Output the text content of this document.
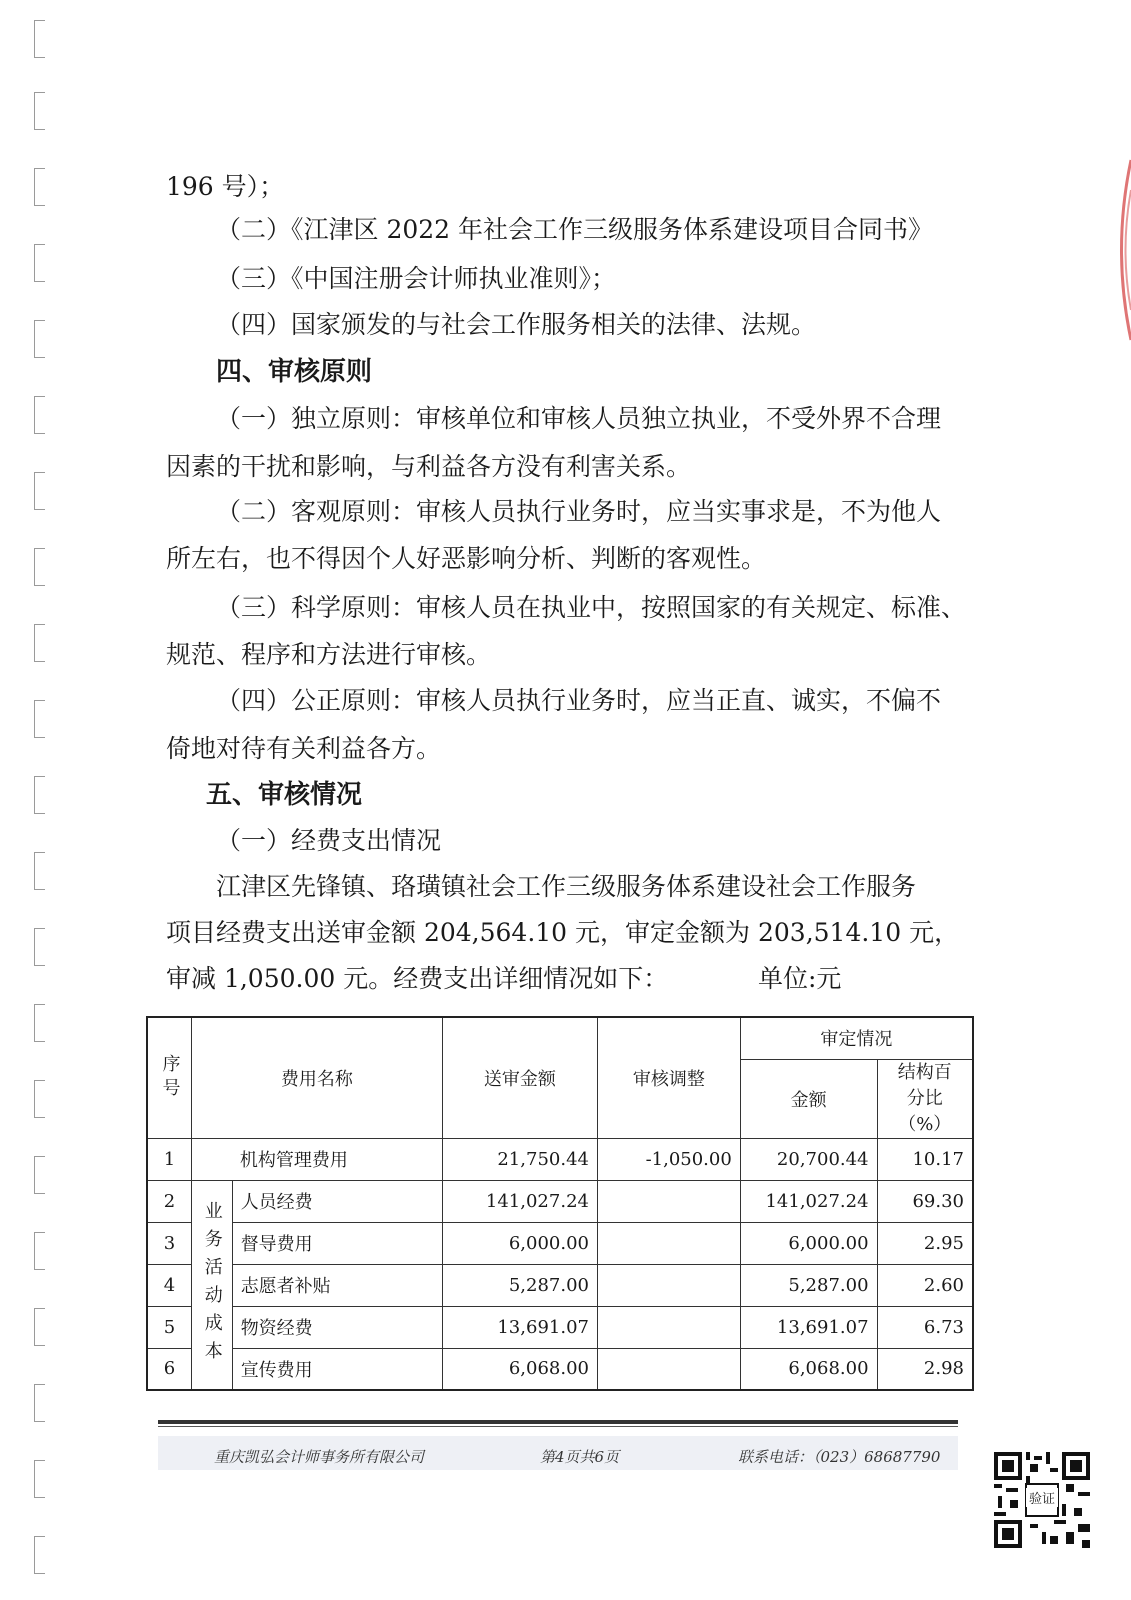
196 号）；
（二）《江津区 2022 年社会工作三级服务体系建设项目合同书》
（三）《中国注册会计师执业准则》；
（四）国家颁发的与社会工作服务相关的法律、法规。
四、审核原则
（一）独立原则：审核单位和审核人员独立执业，不受外界不合理
因素的干扰和影响，与利益各方没有利害关系。
（二）客观原则：审核人员执行业务时，应当实事求是，不为他人
所左右，也不得因个人好恶影响分析、判断的客观性。
（三）科学原则：审核人员在执业中，按照国家的有关规定、标准、
规范、程序和方法进行审核。
（四）公正原则：审核人员执行业务时，应当正直、诚实，不偏不
倚地对待有关利益各方。
五、审核情况
（一）经费支出情况
江津区先锋镇、珞璜镇社会工作三级服务体系建设社会工作服务
项目经费支出送审金额 204,564.10 元，审定金额为 203,514.10 元，
审减 1,050.00 元。经费支出详细情况如下：	单位:元
序号	费用名称		送审金额	审核调整	审定情况	
					金额	结构百分比（%）
1	机构管理费用		21,750.44	-1,050.00	20,700.44	10.17
2	业务活动成本	人员经费	141,027.24		141,027.24	69.30
3		督导费用	6,000.00		6,000.00	2.95
4		志愿者补贴	5,287.00		5,287.00	2.60
5		物资经费	13,691.07		13,691.07	6.73
6		宣传费用	6,068.00		6,068.00	2.98
重庆凯弘会计师事务所有限公司	第4页共6页	联系电话：（023）68687790
验证
